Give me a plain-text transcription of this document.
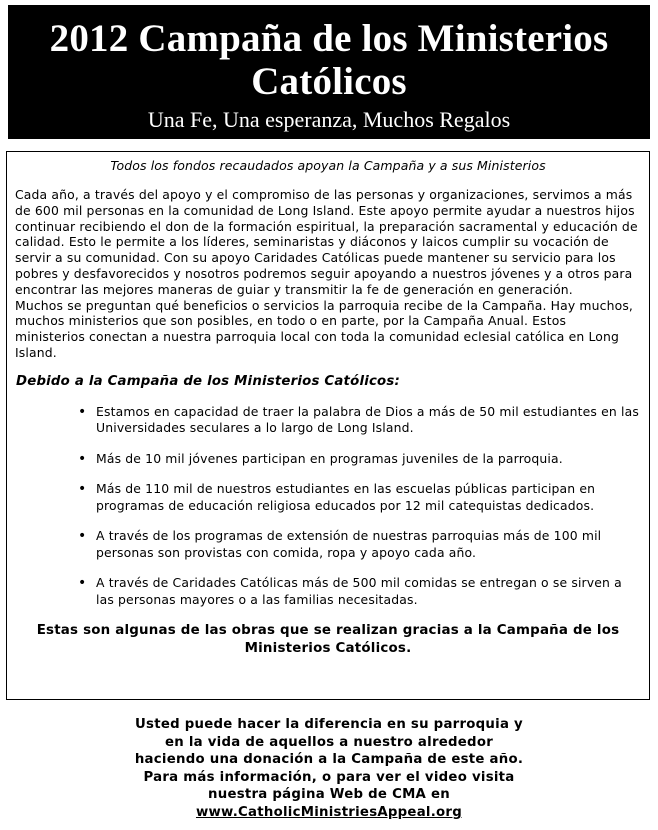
2012 Campaña de los Ministerios
Católicos
Una Fe, Una esperanza, Muchos Regalos
Todos los fondos recaudados apoyan la Campaña y a sus Ministerios

Cada año, a través del apoyo y el compromiso de las personas y organizaciones, servimos a más de 600 mil personas en la comunidad de Long Island. Este apoyo permite ayudar a nuestros hijos continuar recibiendo el don de la formación espiritual, la preparación sacramental y educación de calidad. Esto le permite a los líderes, seminaristas y diáconos y laicos cumplir su vocación de servir a su comunidad. Con su apoyo Caridades Católicas puede mantener su servicio para los pobres y desfavorecidos y nosotros podremos seguir apoyando a nuestros jóvenes y a otros para encontrar las mejores maneras de guiar y transmitir la fe de generación en generación.

Muchos se preguntan qué beneficios o servicios la parroquia recibe de la Campaña. Hay muchos, muchos ministerios que son posibles, en todo o en parte, por la Campaña Anual. Estos ministerios conectan a nuestra parroquia local con toda la comunidad eclesial católica en Long Island.

Debido a la Campaña de los Ministerios Católicos:
• Estamos en capacidad de traer la palabra de Dios a más de 50 mil estudiantes en las Universidades seculares a lo largo de Long Island.
• Más de 10 mil jóvenes participan en programas juveniles de la parroquia.
• Más de 110 mil de nuestros estudiantes en las escuelas públicas participan en programas de educación religiosa educados por 12 mil catequistas dedicados.
• A través de los programas de extensión de nuestras parroquias más de 100 mil personas son provistas con comida, ropa y apoyo cada año.
• A través de Caridades Católicas más de 500 mil comidas se entregan o se sirven a las personas mayores o a las familias necesitadas.
Estas son algunas de las obras que se realizan gracias a la Campaña de los Ministerios Católicos.
Usted puede hacer la diferencia en su parroquia y en la vida de aquellos a nuestro alrededor haciendo una donación a la Campaña de este año. Para más información, o para ver el video visita nuestra página Web de CMA en www.CatholicMinistriesAppeal.org
